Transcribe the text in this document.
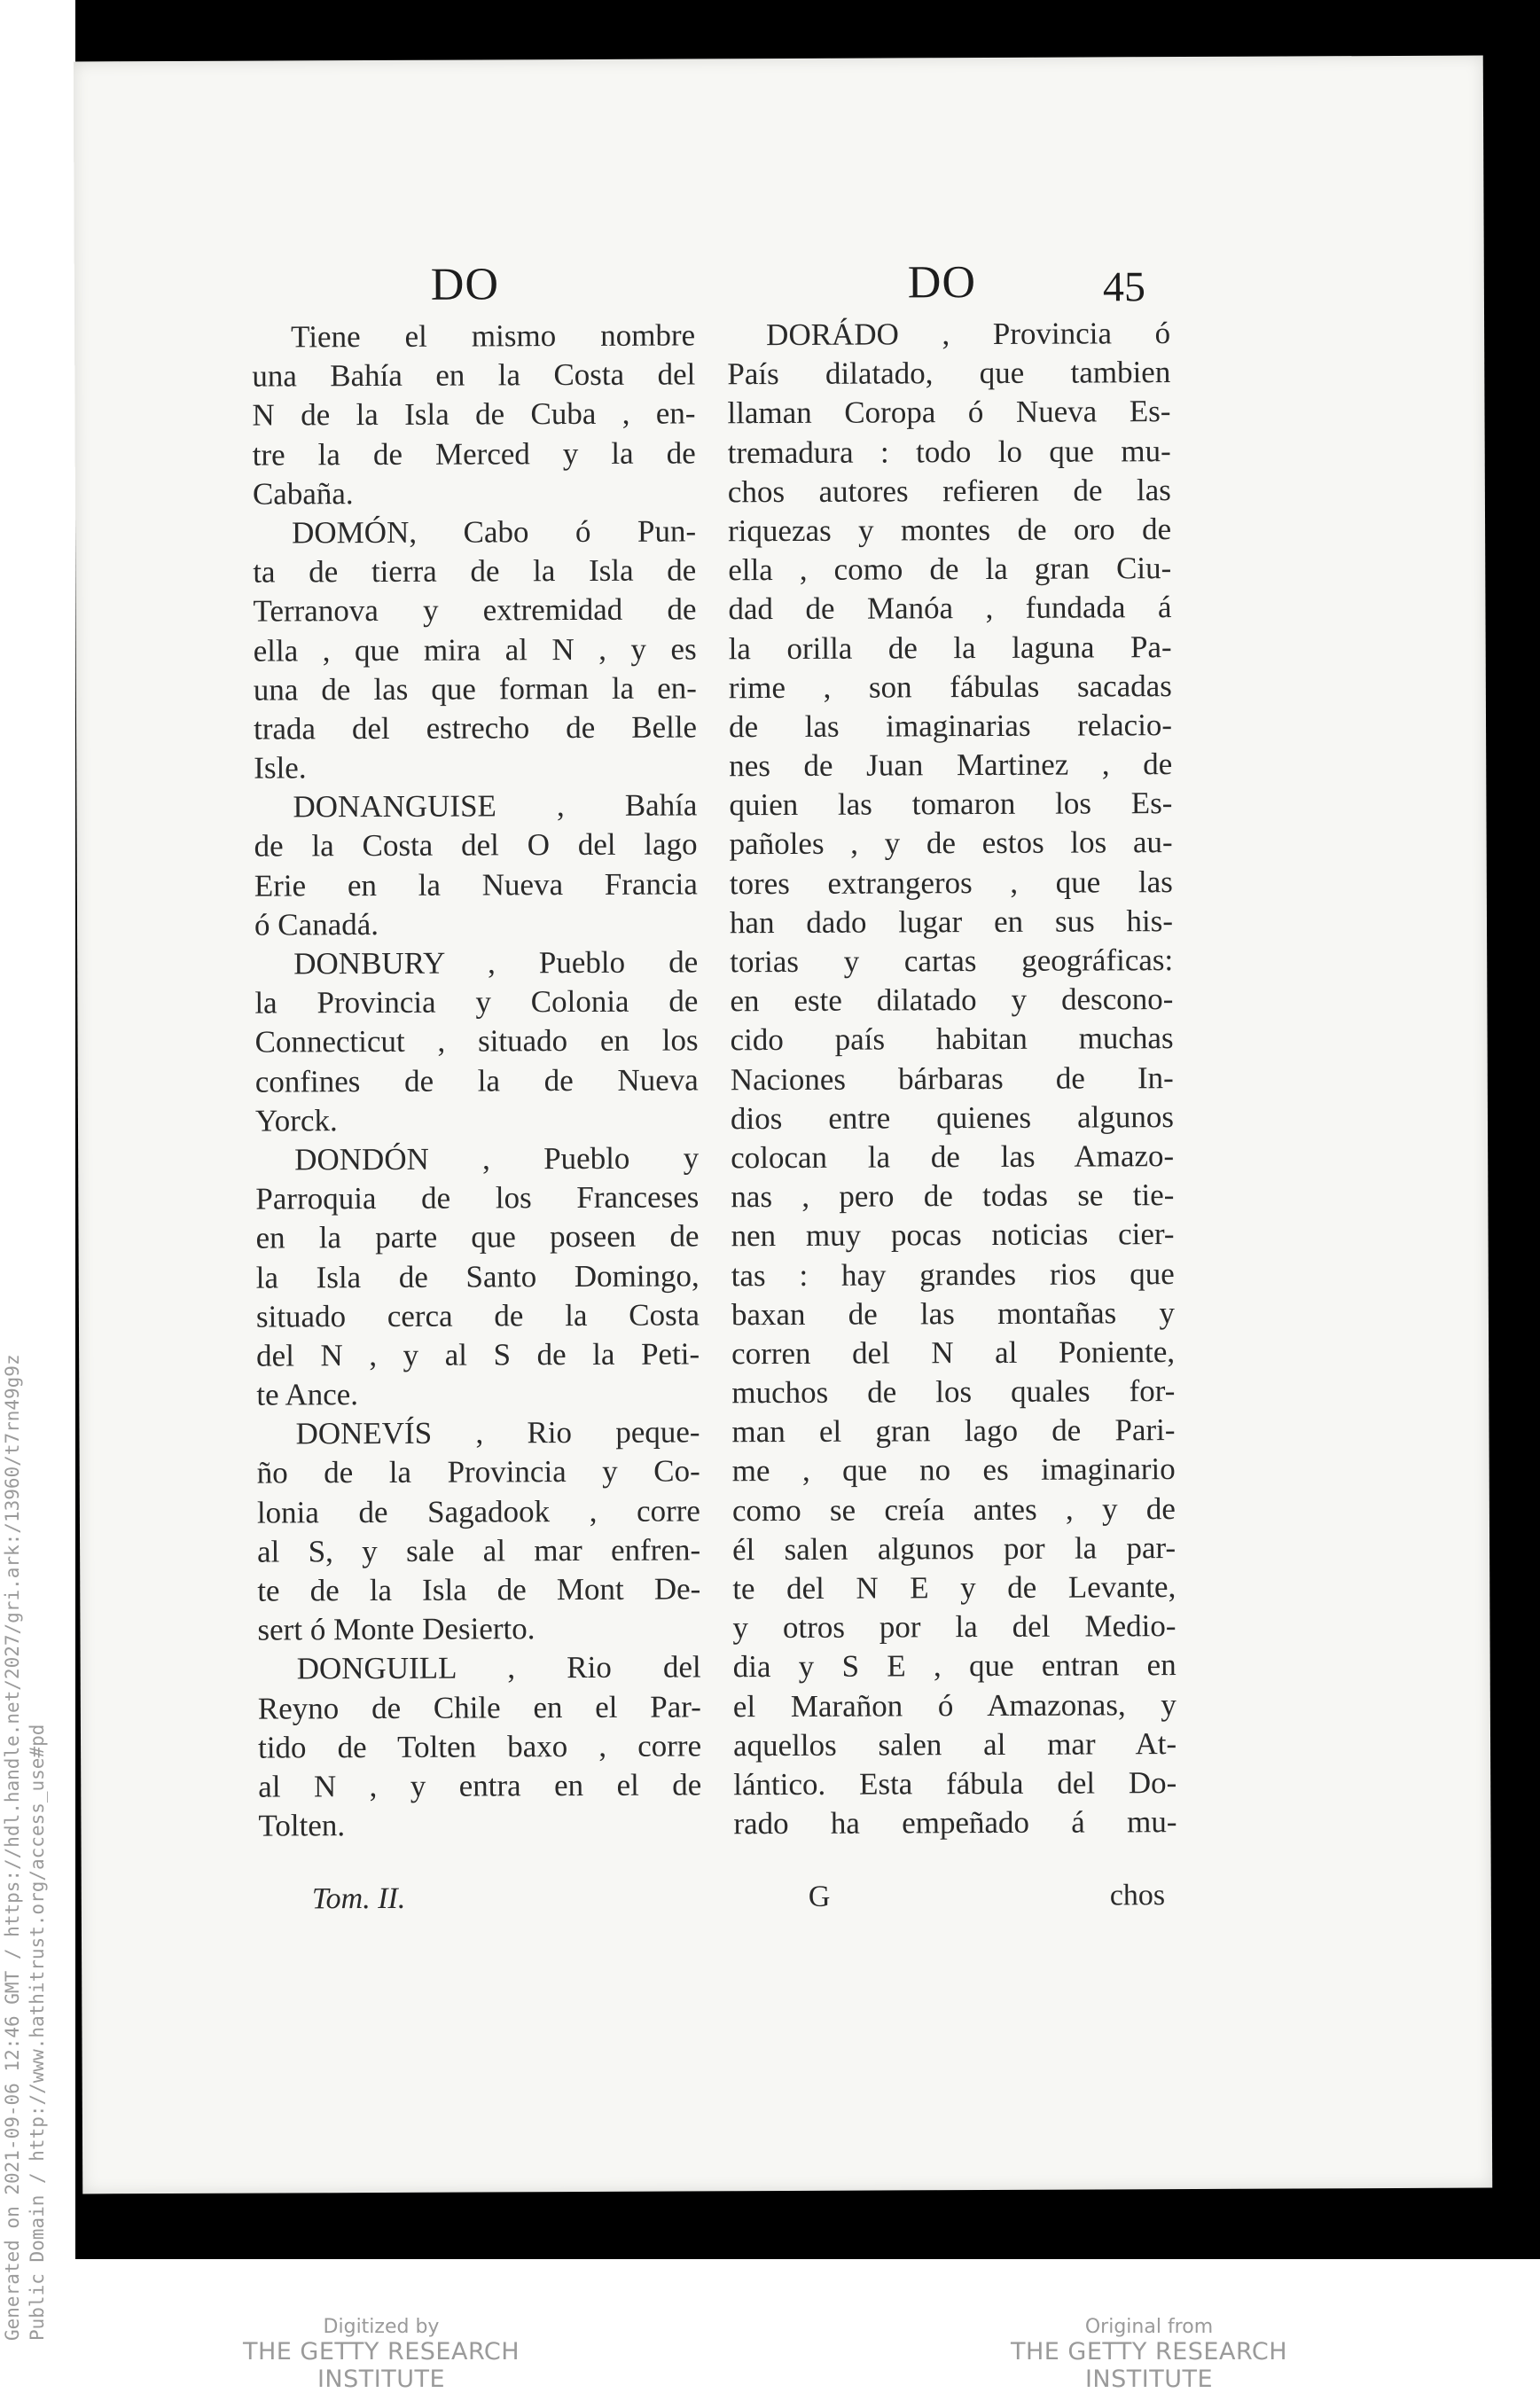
DO	DO	45
Tiene el mismo nombre
una Bahía en la Costa del
N de la Isla de Cuba , en-
tre la de Merced y la de
Cabaña.
DOMÓN, Cabo ó Pun-
ta de tierra de la Isla de
Terranova y extremidad de
ella , que mira al N , y es
una de las que forman la en-
trada del estrecho de Belle
Isle.
DONANGUISE , Bahía
de la Costa del O del lago
Erie en la Nueva Francia
ó Canadá.
DONBURY , Pueblo de
la Provincia y Colonia de
Connecticut , situado en los
confines de la de Nueva
Yorck.
DONDÓN , Pueblo y
Parroquia de los Franceses
en la parte que poseen de
la Isla de Santo Domingo,
situado cerca de la Costa
del N , y al S de la Peti-
te Ance.
DONEVÍS , Rio peque-
ño de la Provincia y Co-
lonia de Sagadook , corre
al S, y sale al mar enfren-
te de la Isla de Mont De-
sert ó Monte Desierto.
DONGUILL , Rio del
Reyno de Chile en el Par-
tido de Tolten baxo , corre
al N , y entra en el de
Tolten.
DORÁDO , Provincia ó
País dilatado, que tambien
llaman Coropa ó Nueva Es-
tremadura : todo lo que mu-
chos autores refieren de las
riquezas y montes de oro de
ella , como de la gran Ciu-
dad de Manóa , fundada á
la orilla de la laguna Pa-
rime , son fábulas sacadas
de las imaginarias relacio-
nes de Juan Martinez , de
quien las tomaron los Es-
pañoles , y de estos los au-
tores extrangeros , que las
han dado lugar en sus his-
torias y cartas geográficas:
en este dilatado y descono-
cido país habitan muchas
Naciones bárbaras de In-
dios entre quienes algunos
colocan la de las Amazo-
nas , pero de todas se tie-
nen muy pocas noticias cier-
tas : hay grandes rios que
baxan de las montañas y
corren del N al Poniente,
muchos de los quales for-
man el gran lago de Pari-
me , que no es imaginario
como se creía antes , y de
él salen algunos por la par-
te del N E y de Levante,
y otros por la del Medio-
dia y S E , que entran en
el Marañon ó Amazonas, y
aquellos salen al mar At-
lántico. Esta fábula del Do-
rado ha empeñado á mu-
Tom. II.	G	chos
Generated on 2021-09-06 12:46 GMT / https://hdl.handle.net/2027/gri.ark:/13960/t7rn49g9z Public Domain / http://www.hathitrust.org/access_use#pd	Digitized by
THE GETTY RESEARCH INSTITUTE
Original from
THE GETTY RESEARCH INSTITUTE
